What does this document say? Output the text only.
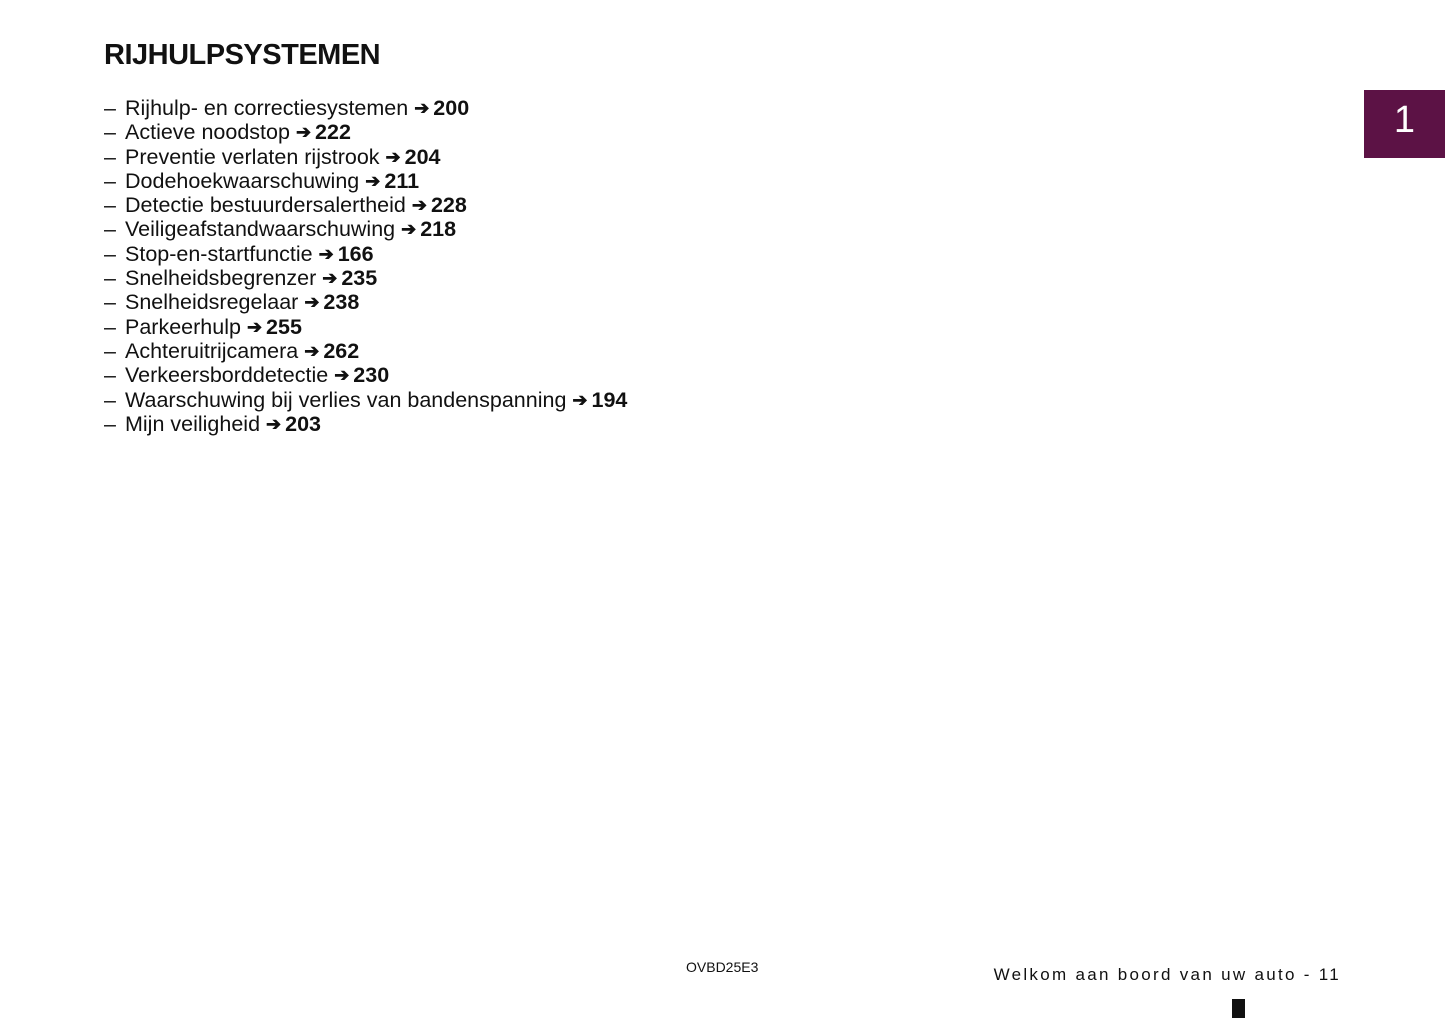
RIJHULPSYSTEMEN
– Rijhulp- en correctiesystemen ➔ 200
– Actieve noodstop ➔ 222
– Preventie verlaten rijstrook ➔ 204
– Dodehoekwaarschuwing ➔ 211
– Detectie bestuurdersalertheid ➔ 228
– Veiligeafstandwaarschuwing ➔ 218
– Stop-en-startfunctie ➔ 166
– Snelheidsbegrenzer ➔ 235
– Snelheidsregelaar ➔ 238
– Parkeerhulp ➔ 255
– Achteruitrijcamera ➔ 262
– Verkeersborddetectie ➔ 230
– Waarschuwing bij verlies van bandenspanning ➔ 194
– Mijn veiligheid ➔ 203
1
OVBD25E3	Welkom aan boord van uw auto - 11
